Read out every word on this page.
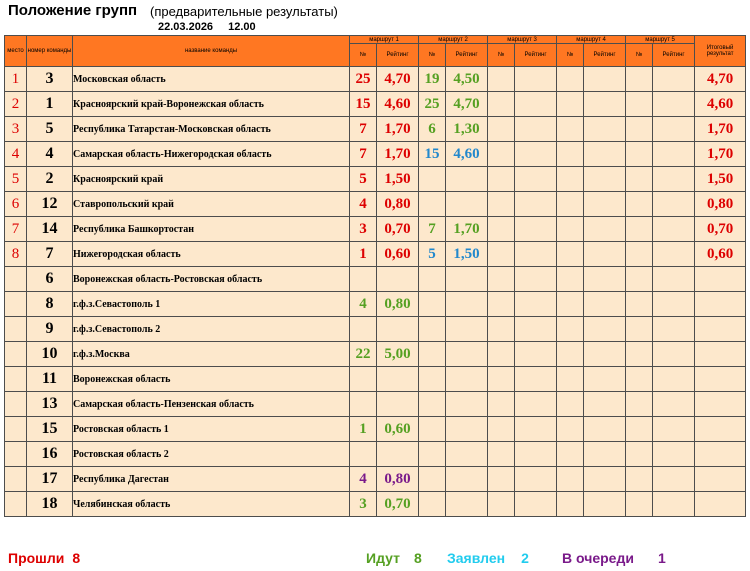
Положение групп (предварительные результаты)
22.03.2026 12.00
место	номер команды	название команды	маршрут 1		маршрут 2		маршрут 3		маршрут 4		маршрут 5		Итоговый результат
			№	Рейтинг	№	Рейтинг	№	Рейтинг	№	Рейтинг	№	Рейтинг	
1	3	Московская область	25	4,70	19	4,50							4,70
2	1	Красноярский край-Воронежская область	15	4,60	25	4,70							4,60
3	5	Республика Татарстан-Московская область	7	1,70	6	1,30							1,70
4	4	Самарская область-Нижегородская область	7	1,70	15	4,60							1,70
5	2	Красноярский край	5	1,50									1,50
6	12	Ставропольский край	4	0,80									0,80
7	14	Республика Башкортостан	3	0,70	7	1,70							0,70
8	7	Нижегородская область	1	0,60	5	1,50							0,60
	6	Воронежская область-Ростовская область											
	8	г.ф.з.Севастополь 1	4	0,80									
	9	г.ф.з.Севастополь 2											
	10	г.ф.з.Москва	22	5,00									
	11	Воронежская область											
	13	Самарская область-Пензенская область											
	15	Ростовская область 1	1	0,60									
	16	Ростовская область 2											
	17	Республика Дагестан	4	0,80									
	18	Челябинская область	3	0,70									
Прошли 8	Идут 8 Заявлен 2 В очереди 1
